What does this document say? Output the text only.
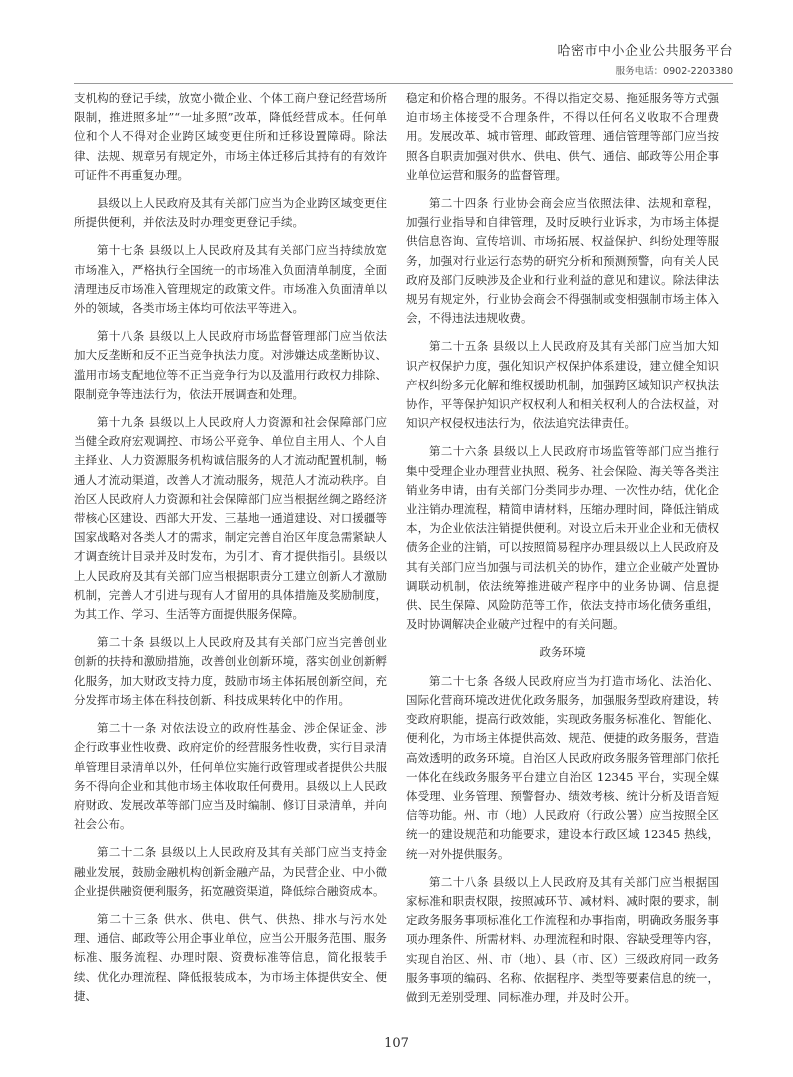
哈密市中小企业公共服务平台
服务电话：0902-2203380

支机构的登记手续，放宽小微企业、个体工商户登记经营场所限制，推进照多址”“一址多照”改革，降低经营成本。任何单位和个人不得对企业跨区域变更住所和迁移设置障碍。除法律、法规、规章另有规定外，市场主体迁移后其持有的有效许可证件不再重复办理。

县级以上人民政府及其有关部门应当为企业跨区域变更住所提供便利，并依法及时办理变更登记手续。

第十七条 县级以上人民政府及其有关部门应当持续放宽市场准入，严格执行全国统一的市场准入负面清单制度，全面清理违反市场准入管理规定的政策文件。市场准入负面清单以外的领域，各类市场主体均可依法平等进入。

第十八条 县级以上人民政府市场监督管理部门应当依法加大反垄断和反不正当竞争执法力度。对涉嫌达成垄断协议、滥用市场支配地位等不正当竞争行为以及滥用行政权力排除、限制竞争等违法行为，依法开展调查和处理。

第十九条 县级以上人民政府人力资源和社会保障部门应当健全政府宏观调控、市场公平竞争、单位自主用人、个人自主择业、人力资源服务机构诚信服务的人才流动配置机制，畅通人才流动渠道，改善人才流动服务，规范人才流动秩序。自治区人民政府人力资源和社会保障部门应当根据丝绸之路经济带核心区建设、西部大开发、三基地一通道建设、对口援疆等国家战略对各类人才的需求，制定完善自治区年度急需紧缺人才调查统计目录并及时发布，为引才、育才提供指引。县级以上人民政府及其有关部门应当根据职责分工建立创新人才激励机制，完善人才引进与现有人才留用的具体措施及奖励制度，为其工作、学习、生活等方面提供服务保障。

第二十条 县级以上人民政府及其有关部门应当完善创业创新的扶持和激励措施，改善创业创新环境，落实创业创新孵化服务，加大财政支持力度，鼓励市场主体拓展创新空间，充分发挥市场主体在科技创新、科技成果转化中的作用。

第二十一条 对依法设立的政府性基金、涉企保证金、涉企行政事业性收费、政府定价的经营服务性收费，实行目录清单管理目录清单以外，任何单位实施行政管理或者提供公共服务不得向企业和其他市场主体收取任何费用。县级以上人民政府财政、发展改革等部门应当及时编制、修订目录清单，并向社会公布。

第二十二条 县级以上人民政府及其有关部门应当支持金融业发展，鼓励金融机构创新金融产品，为民营企业、中小微企业提供融资便利服务，拓宽融资渠道，降低综合融资成本。

第二十三条 供水、供电、供气、供热、排水与污水处理、通信、邮政等公用企事业单位，应当公开服务范围、服务标准、服务流程、办理时限、资费标准等信息，简化报装手续、优化办理流程、降低报装成本，为市场主体提供安全、便捷、

稳定和价格合理的服务。不得以指定交易、拖延服务等方式强迫市场主体接受不合理条件，不得以任何名义收取不合理费用。发展改革、城市管理、邮政管理、通信管理等部门应当按照各自职责加强对供水、供电、供气、通信、邮政等公用企事业单位运营和服务的监督管理。

第二十四条 行业协会商会应当依照法律、法规和章程，加强行业指导和自律管理，及时反映行业诉求，为市场主体提供信息咨询、宣传培训、市场拓展、权益保护、纠纷处理等服务，加强对行业运行态势的研究分析和预测预警，向有关人民政府及部门反映涉及企业和行业利益的意见和建议。除法律法规另有规定外，行业协会商会不得强制或变相强制市场主体入会，不得违法违规收费。

第二十五条 县级以上人民政府及其有关部门应当加大知识产权保护力度，强化知识产权保护体系建设，建立健全知识产权纠纷多元化解和维权援助机制，加强跨区域知识产权执法协作，平等保护知识产权权利人和相关权利人的合法权益，对知识产权侵权违法行为，依法追究法律责任。

第二十六条 县级以上人民政府市场监管等部门应当推行集中受理企业办理营业执照、税务、社会保险、海关等各类注销业务申请，由有关部门分类同步办理、一次性办结，优化企业注销办理流程，精简申请材料，压缩办理时间，降低注销成本，为企业依法注销提供便利。对设立后未开业企业和无债权债务企业的注销，可以按照简易程序办理县级以上人民政府及其有关部门应当加强与司法机关的协作，建立企业破产处置协调联动机制，依法统筹推进破产程序中的业务协调、信息提供、民生保障、风险防范等工作，依法支持市场化债务重组，及时协调解决企业破产过程中的有关问题。

政务环境

第二十七条 各级人民政府应当为打造市场化、法治化、国际化营商环境改进优化政务服务，加强服务型政府建设，转变政府职能，提高行政效能，实现政务服务标准化、智能化、便利化，为市场主体提供高效、规范、便捷的政务服务，营造高效透明的政务环境。自治区人民政府政务服务管理部门依托一体化在线政务服务平台建立自治区 12345 平台，实现全媒体受理、业务管理、预警督办、绩效考核、统计分析及语音短信等功能。州、市（地）人民政府（行政公署）应当按照全区统一的建设规范和功能要求，建设本行政区域 12345 热线，统一对外提供服务。

第二十八条 县级以上人民政府及其有关部门应当根据国家标准和职责权限，按照减环节、减材料、减时限的要求，制定政务服务事项标准化工作流程和办事指南，明确政务服务事项办理条件、所需材料、办理流程和时限、容缺受理等内容，实现自治区、州、市（地）、县（市、区）三级政府同一政务服务事项的编码、名称、依据程序、类型等要素信息的统一，做到无差别受理、同标准办理，并及时公开。

107
